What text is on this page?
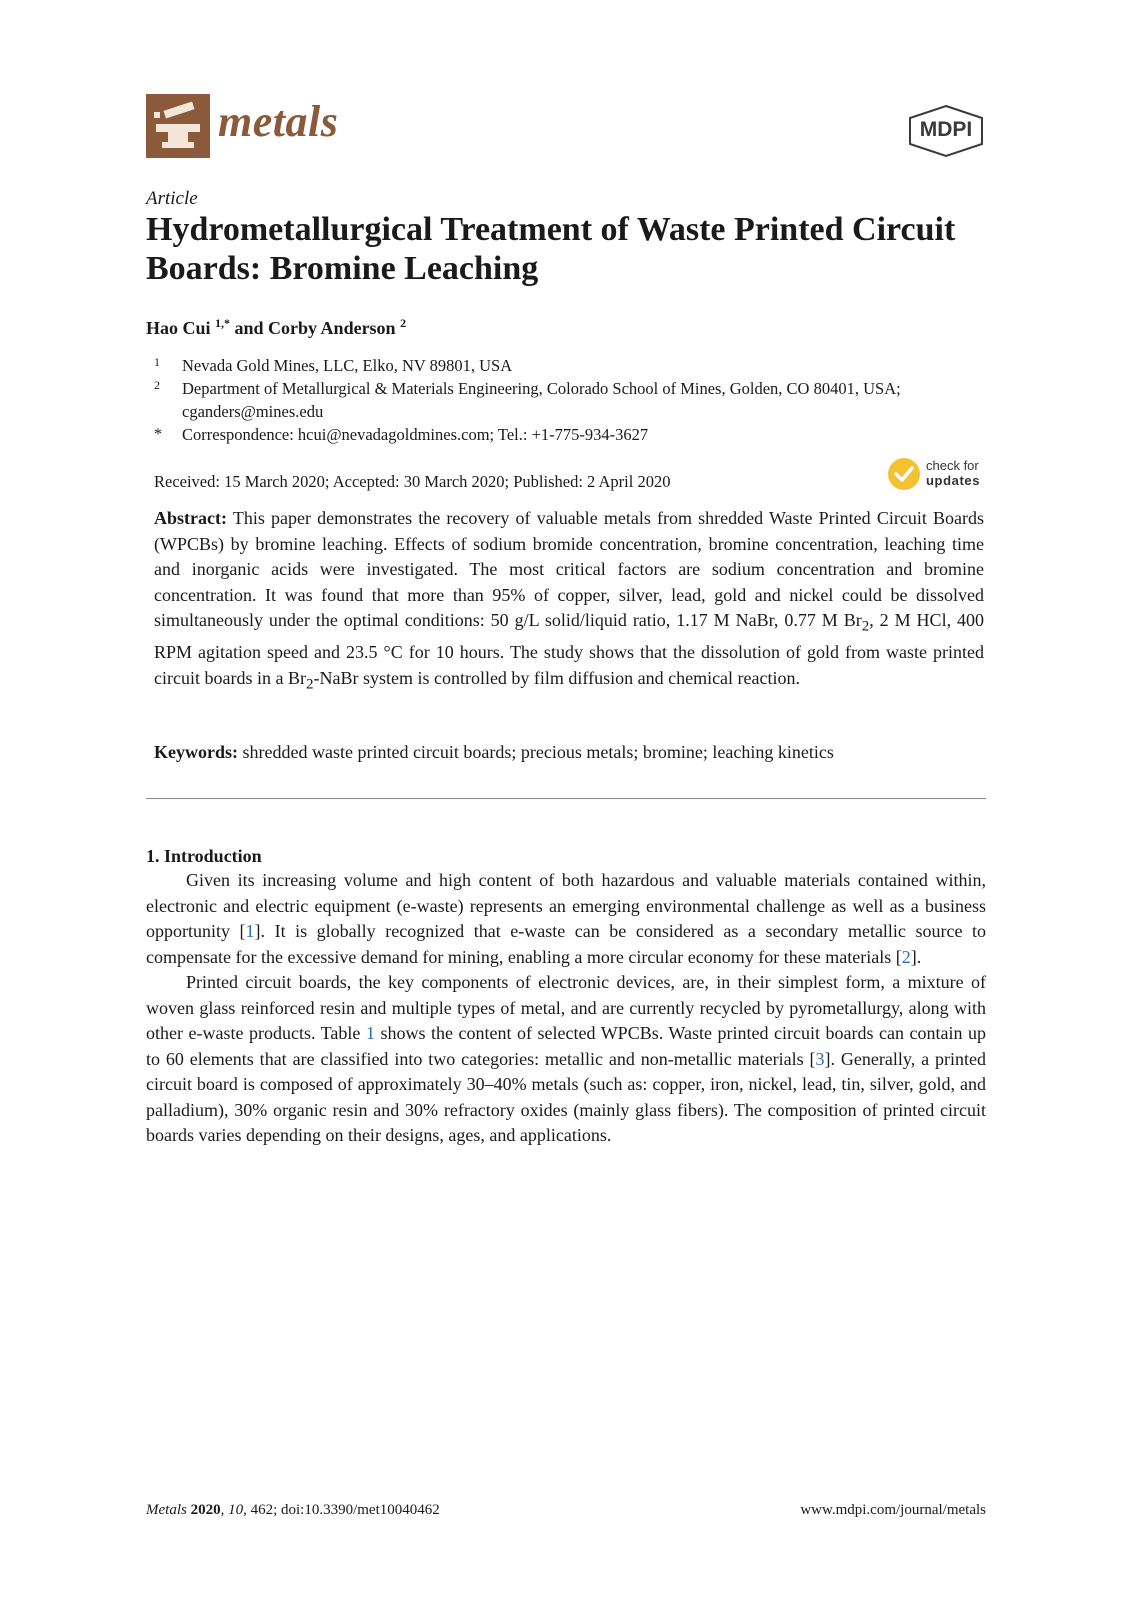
metals	MDPI
Article
Hydrometallurgical Treatment of Waste Printed Circuit Boards: Bromine Leaching
Hao Cui $^{1,*}$ and Corby Anderson $^2$
1	Nevada Gold Mines, LLC, Elko, NV 89801, USA
2	Department of Metallurgical & Materials Engineering, Colorado School of Mines, Golden, CO 80401, USA; cganders@mines.edu
*	Correspondence: hcui@nevadagoldmines.com; Tel.: +1-775-934-3627
Received: 15 March 2020; Accepted: 30 March 2020; Published: 2 April 2020
check for
updates

Abstract: This paper demonstrates the recovery of valuable metals from shredded Waste Printed Circuit Boards (WPCBs) by bromine leaching. Effects of sodium bromide concentration, bromine concentration, leaching time and inorganic acids were investigated. The most critical factors are sodium concentration and bromine concentration. It was found that more than 95% of copper, silver, lead, gold and nickel could be dissolved simultaneously under the optimal conditions: 50 g/L solid/liquid ratio, 1.17 M NaBr, 0.77 M $Br_2$, 2 M HCl, 400 RPM agitation speed and 23.5 °C for 10 hours. The study shows that the dissolution of gold from waste printed circuit boards in a $Br_2$-NaBr system is controlled by film diffusion and chemical reaction.

Keywords: shredded waste printed circuit boards; precious metals; bromine; leaching kinetics
1. Introduction

Given its increasing volume and high content of both hazardous and valuable materials contained within, electronic and electric equipment (e-waste) represents an emerging environmental challenge as well as a business opportunity [1]. It is globally recognized that e-waste can be considered as a secondary metallic source to compensate for the excessive demand for mining, enabling a more circular economy for these materials [2].

Printed circuit boards, the key components of electronic devices, are, in their simplest form, a mixture of woven glass reinforced resin and multiple types of metal, and are currently recycled by pyrometallurgy, along with other e-waste products. Table 1 shows the content of selected WPCBs. Waste printed circuit boards can contain up to 60 elements that are classified into two categories: metallic and non-metallic materials [3]. Generally, a printed circuit board is composed of approximately 30–40% metals (such as: copper, iron, nickel, lead, tin, silver, gold, and palladium), 30% organic resin and 30% refractory oxides (mainly glass fibers). The composition of printed circuit boards varies depending on their designs, ages, and applications.

Metals 2020, 10, 462; doi:10.3390/met10040462	www.mdpi.com/journal/metals
